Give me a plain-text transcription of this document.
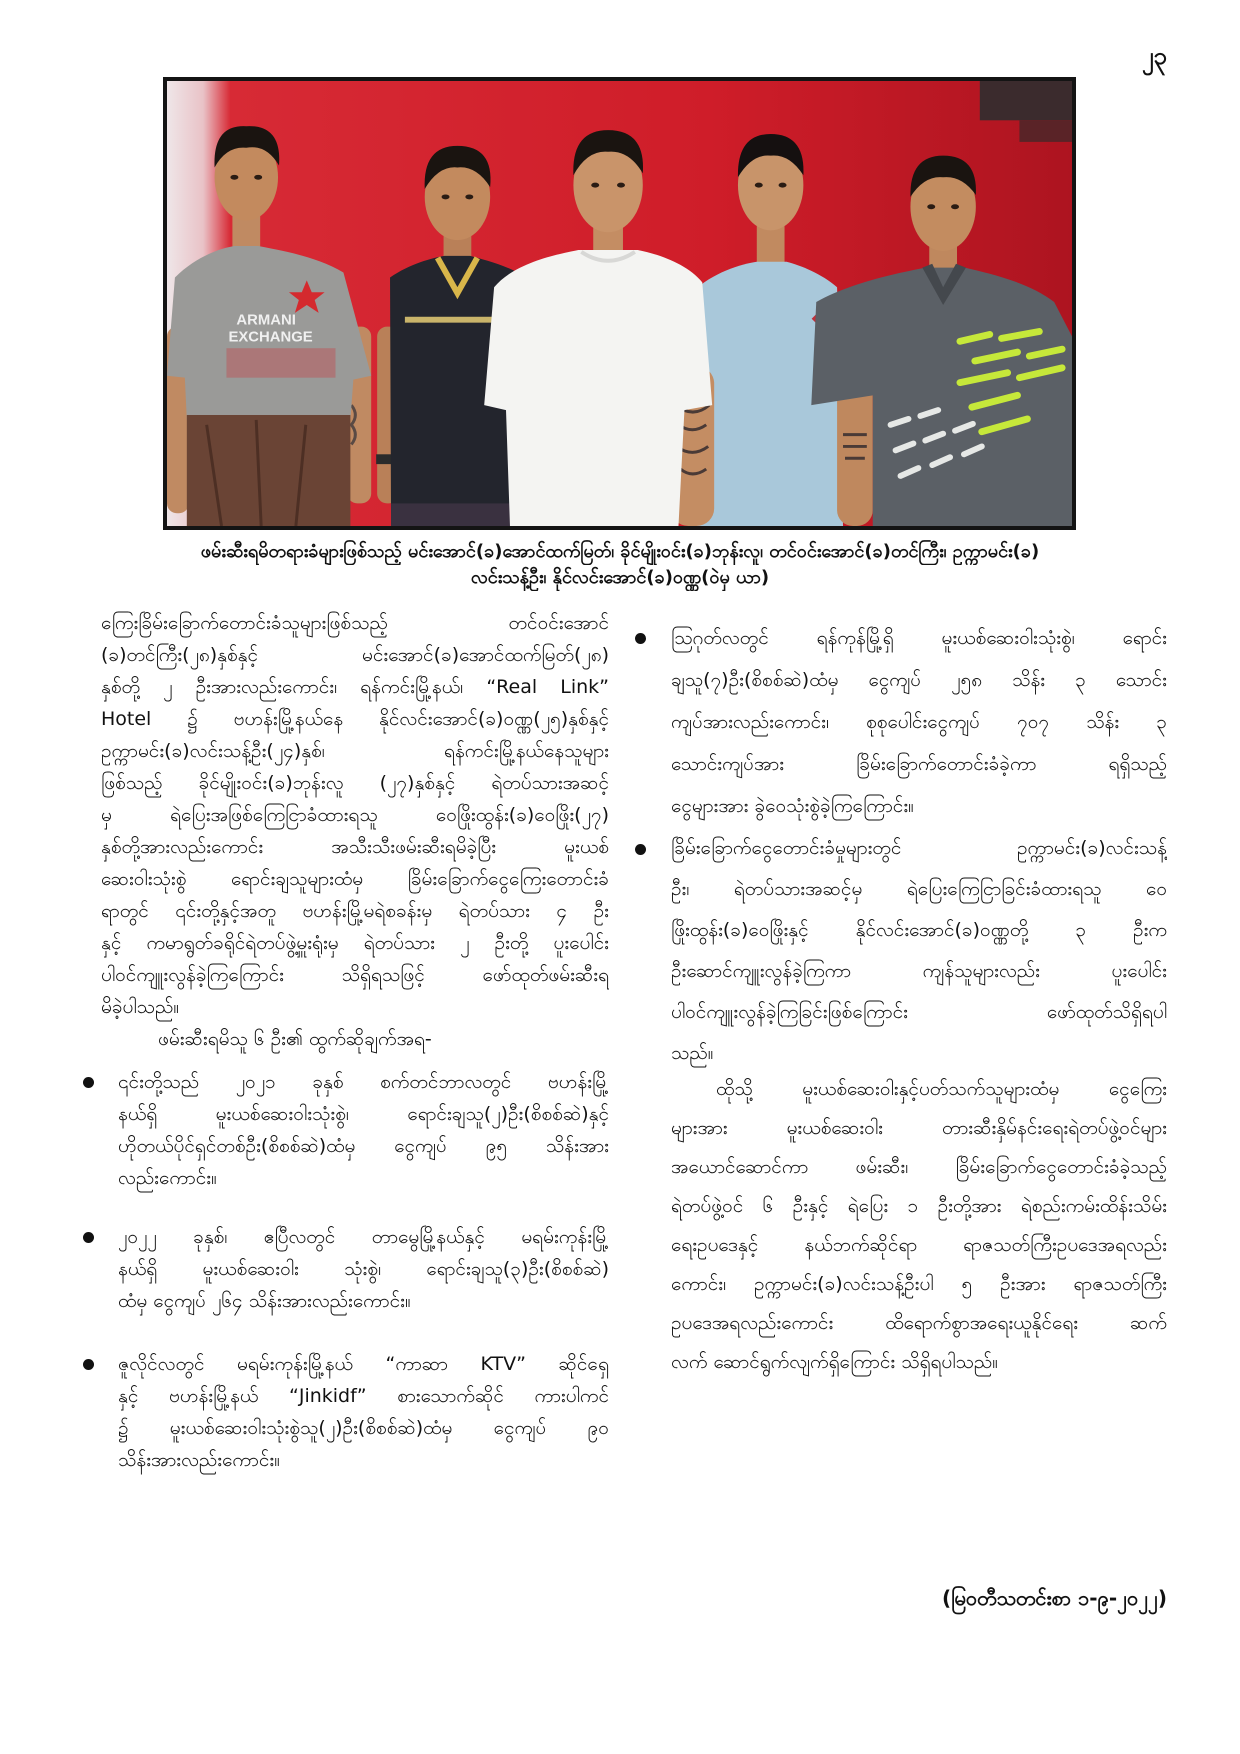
၂၃
ARMANI
EXCHANGE
ဖမ်းဆီးရမိတရားခံများဖြစ်သည့် မင်းအောင်(ခ)အောင်ထက်မြတ်၊ ခိုင်မျိုးဝင်း(ခ)ဘုန်းလူ၊ တင်ဝင်းအောင်(ခ)တင်ကြီး၊ ဥက္ကာမင်း(ခ)
လင်းသန့်ဦး၊ နိုင်လင်းအောင်(ခ)ဝဏ္ဏ(ဝဲမှ ယာ)
ကြေးခြိမ်းခြောက်တောင်းခံသူများဖြစ်သည့် တင်ဝင်းအောင်
(ခ)တင်ကြီး(၂၈)နှစ်နှင့် မင်းအောင်(ခ)အောင်ထက်မြတ်(၂၈)
နှစ်တို့ ၂ ဦးအားလည်းကောင်း၊ ရန်ကင်းမြို့နယ်၊ “Real Link”
Hotel ၌ ဗဟန်းမြို့နယ်နေ နိုင်လင်းအောင်(ခ)ဝဏ္ဏ(၂၅)နှစ်နှင့်
ဥက္ကာမင်း(ခ)လင်းသန့်ဦး(၂၄)နှစ်၊ ရန်ကင်းမြို့နယ်နေသူများ
ဖြစ်သည့် ခိုင်မျိုးဝင်း(ခ)ဘုန်းလူ (၂၇)နှစ်နှင့် ရဲတပ်သားအဆင့်
မှ ရဲပြေးအဖြစ်ကြေငြာခံထားရသူ ဝေဖြိုးထွန်း(ခ)ဝေဖြိုး(၂၇)
နှစ်တို့အားလည်းကောင်း အသီးသီးဖမ်းဆီးရမိခဲ့ပြီး မူးယစ်
ဆေးဝါးသုံးစွဲ ရောင်းချသူများထံမှ ခြိမ်းခြောက်ငွေကြေးတောင်းခံ
ရာတွင် ၎င်းတို့နှင့်အတူ ဗဟန်းမြို့မရဲစခန်းမှ ရဲတပ်သား ၄ ဦး
နှင့် ကမာရွတ်ခရိုင်ရဲတပ်ဖွဲ့မှူးရုံးမှ ရဲတပ်သား ၂ ဦးတို့ ပူးပေါင်း
ပါဝင်ကျူးလွန်ခဲ့ကြကြောင်း သိရှိရသဖြင့် ဖော်ထုတ်ဖမ်းဆီးရ
မိခဲ့ပါသည်။
ဖမ်းဆီးရမိသူ ၆ ဦး၏ ထွက်ဆိုချက်အရ-
၎င်းတို့သည် ၂၀၂၁ ခုနှစ် စက်တင်ဘာလတွင် ဗဟန်းမြို့
နယ်ရှိ မူးယစ်ဆေးဝါးသုံးစွဲ၊ ရောင်းချသူ(၂)ဦး(စိစစ်ဆဲ)နှင့်
ဟိုတယ်ပိုင်ရှင်တစ်ဦး(စိစစ်ဆဲ)ထံမှ ငွေကျပ် ၉၅ သိန်းအား
လည်းကောင်း။
၂၀၂၂ ခုနှစ်၊ ဧပြီလတွင် တာမွေမြို့နယ်နှင့် မရမ်းကုန်းမြို့
နယ်ရှိ မူးယစ်ဆေးဝါး သုံးစွဲ၊ ရောင်းချသူ(၃)ဦး(စိစစ်ဆဲ)
ထံမှ ငွေကျပ် ၂၆၄ သိန်းအားလည်းကောင်း။
ဇူလိုင်လတွင် မရမ်းကုန်းမြို့နယ် “ကာဆာ KTV” ဆိုင်ရှေ့
နှင့် ဗဟန်းမြို့နယ် “Jinkidf” စားသောက်ဆိုင် ကားပါကင်
၌ မူးယစ်ဆေးဝါးသုံးစွဲသူ(၂)ဦး(စိစစ်ဆဲ)ထံမှ ငွေကျပ် ၉၀
သိန်းအားလည်းကောင်း။
ဩဂုတ်လတွင် ရန်ကုန်မြို့ရှိ မူးယစ်ဆေးဝါးသုံးစွဲ၊ ရောင်း
ချသူ(၇)ဦး(စိစစ်ဆဲ)ထံမှ ငွေကျပ် ၂၅၈ သိန်း ၃ သောင်း
ကျပ်အားလည်းကောင်း၊ စုစုပေါင်းငွေကျပ် ၇၀၇ သိန်း ၃
သောင်းကျပ်အား ခြိမ်းခြောက်တောင်းခံခဲ့ကာ ရရှိသည့်
ငွေများအား ခွဲဝေသုံးစွဲခဲ့ကြကြောင်း။
ခြိမ်းခြောက်ငွေတောင်းခံမှုများတွင် ဥက္ကာမင်း(ခ)လင်းသန့်
ဦး၊ ရဲတပ်သားအဆင့်မှ ရဲပြေးကြေငြာခြင်းခံထားရသူ ဝေ
ဖြိုးထွန်း(ခ)ဝေဖြိုးနှင့် နိုင်လင်းအောင်(ခ)ဝဏ္ဏတို့ ၃ ဦးက
ဦးဆောင်ကျူးလွန်ခဲ့ကြကာ ကျန်သူများလည်း ပူးပေါင်း
ပါဝင်ကျူးလွန်ခဲ့ကြခြင်းဖြစ်ကြောင်း ဖော်ထုတ်သိရှိရပါ
သည်။
ထိုသို့ မူးယစ်ဆေးဝါးနှင့်ပတ်သက်သူများထံမှ ငွေကြေး
များအား မူးယစ်ဆေးဝါး တားဆီးနှိမ်နင်းရေးရဲတပ်ဖွဲ့ဝင်များ
အယောင်ဆောင်ကာ ဖမ်းဆီး၊ ခြိမ်းခြောက်ငွေတောင်းခံခဲ့သည့်
ရဲတပ်ဖွဲ့ဝင် ၆ ဦးနှင့် ရဲပြေး ၁ ဦးတို့အား ရဲစည်းကမ်းထိန်းသိမ်း
ရေးဥပဒေနှင့် နယ်ဘက်ဆိုင်ရာ ရာဇသတ်ကြီးဥပဒေအရလည်း
ကောင်း၊ ဥက္ကာမင်း(ခ)လင်းသန့်ဦးပါ ၅ ဦးအား ရာဇသတ်ကြီး
ဥပဒေအရလည်းကောင်း ထိရောက်စွာအရေးယူနိုင်ရေး ဆက်
လက် ဆောင်ရွက်လျက်ရှိကြောင်း သိရှိရပါသည်။
(မြဝတီသတင်းစာ ၁-၉-၂၀၂၂)
